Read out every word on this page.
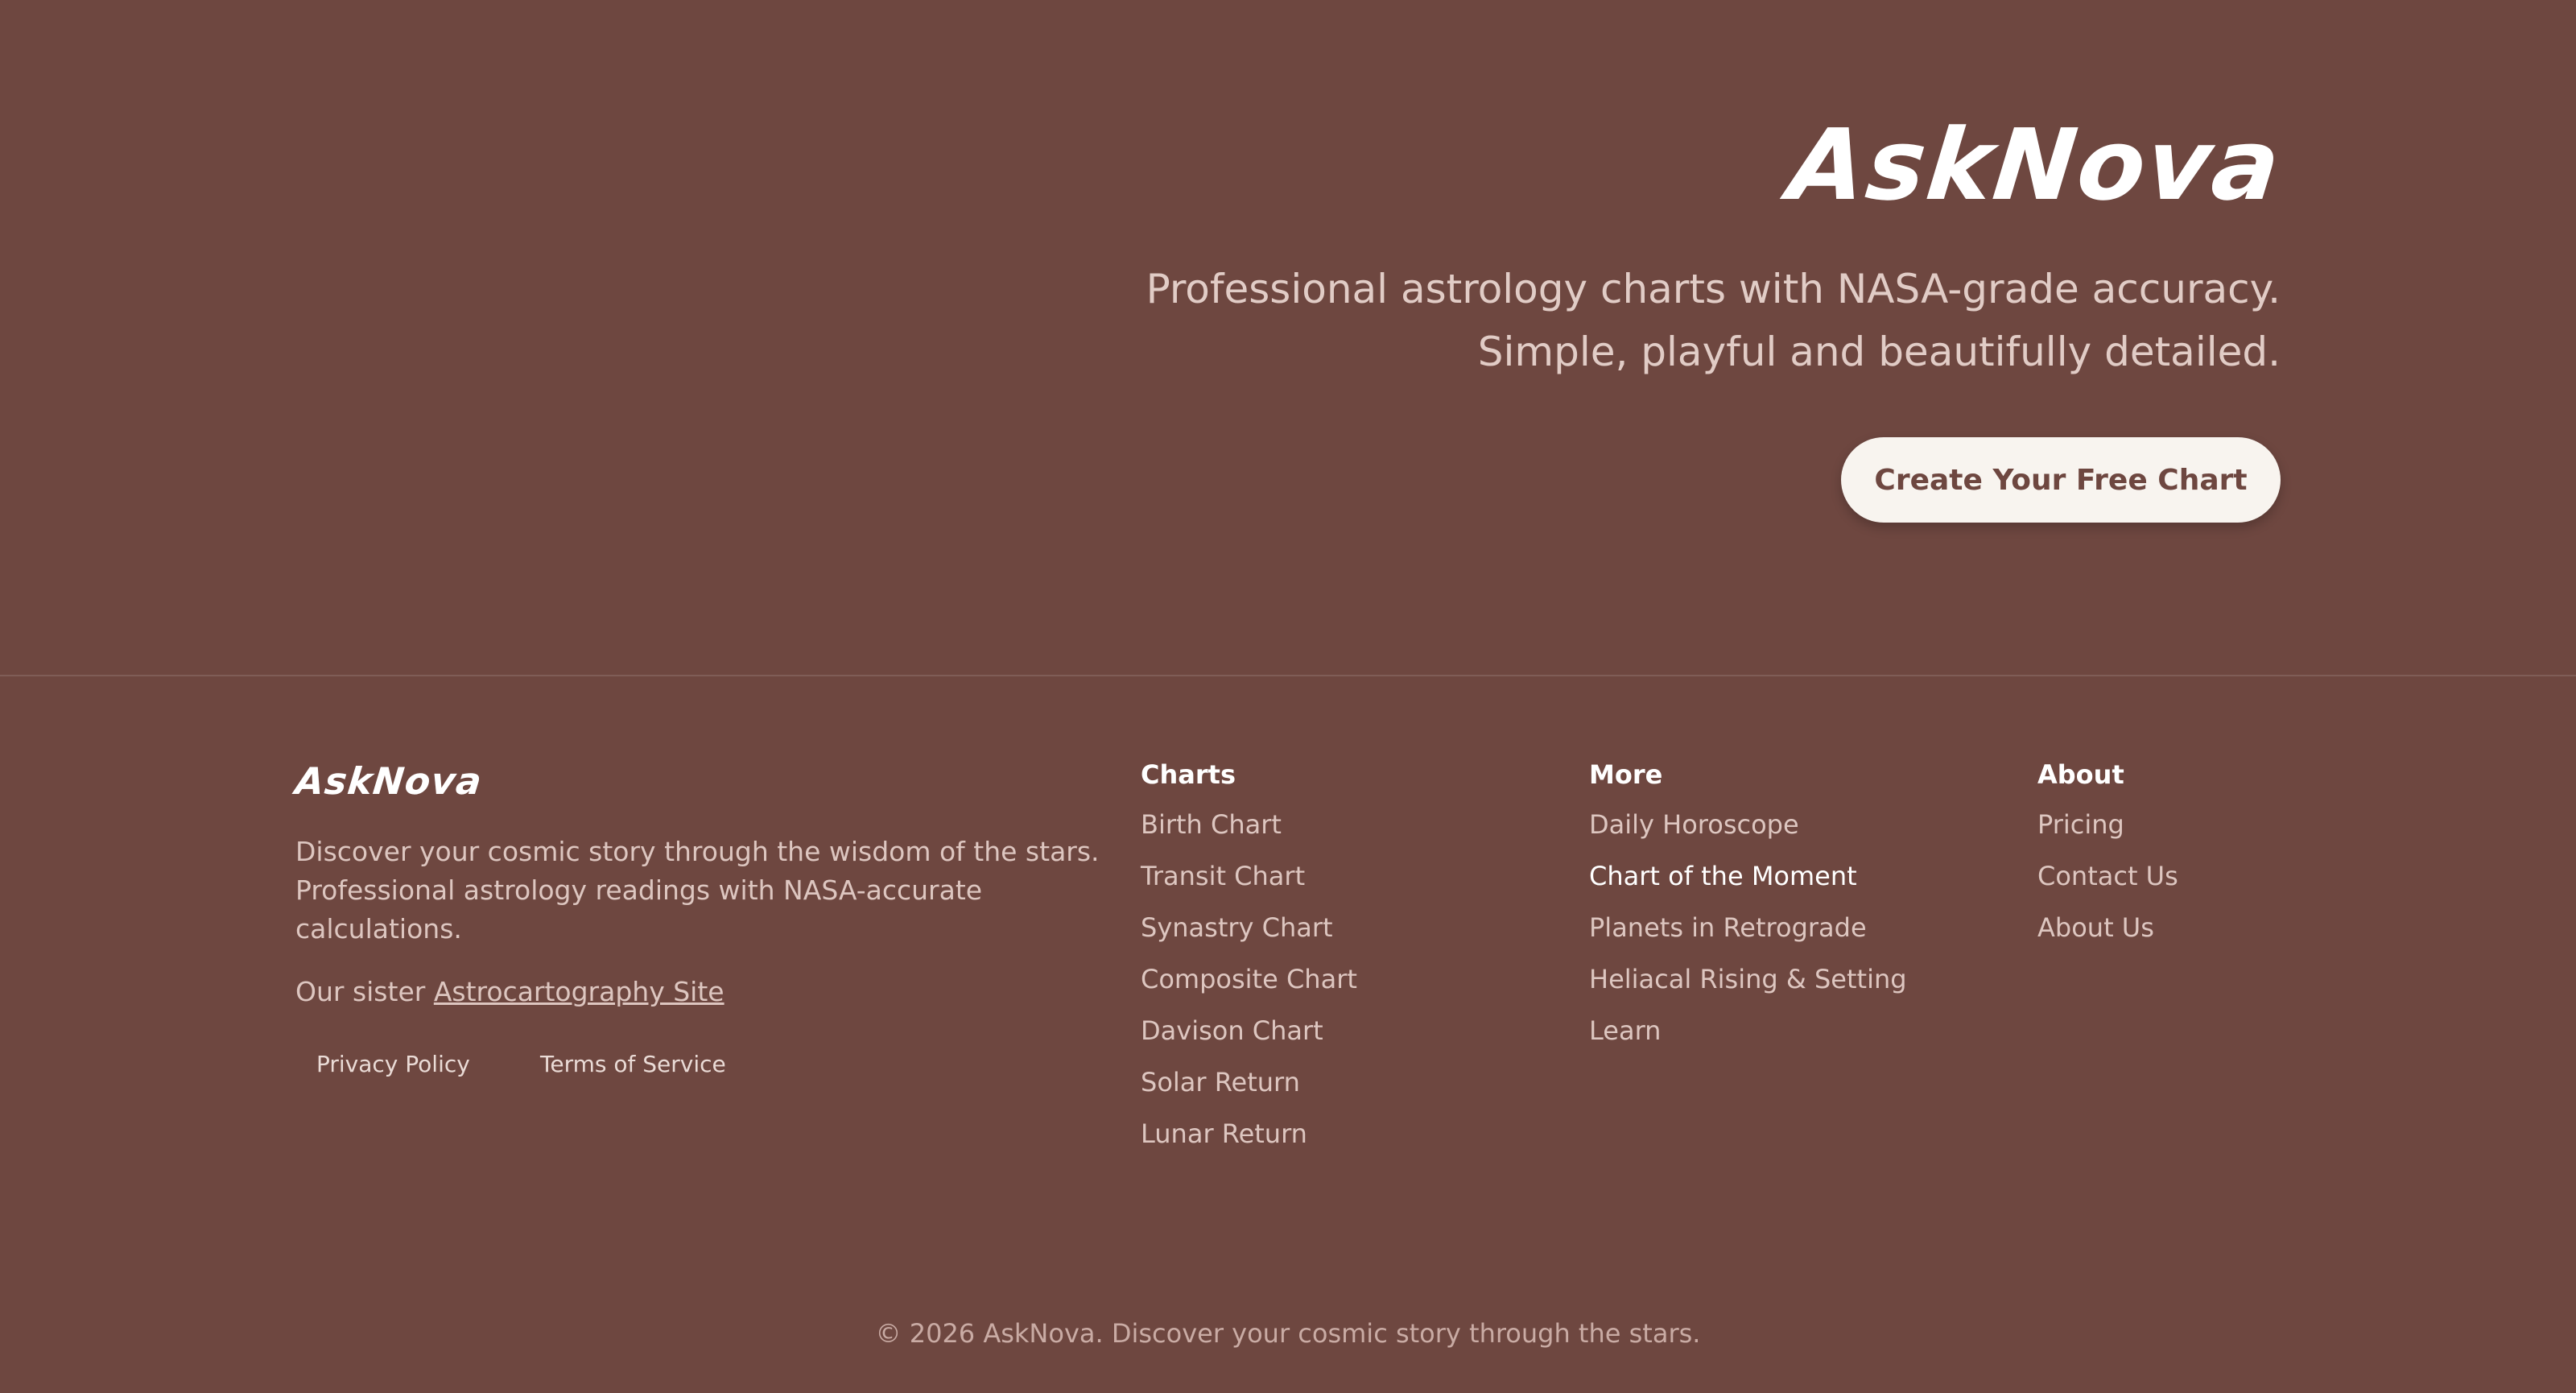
AskNova
Professional astrology charts with NASA-grade accuracy.
Simple, playful and beautifully detailed.
Create Your Free Chart
AskNova
Discover your cosmic story through the wisdom of the stars.
Professional astrology readings with NASA-accurate
calculations.
Our sister Astrocartography Site
Privacy Policy	Terms of Service
Charts
Birth Chart
Transit Chart
Synastry Chart
Composite Chart
Davison Chart
Solar Return
Lunar Return
More
Daily Horoscope
Chart of the Moment
Planets in Retrograde
Heliacal Rising & Setting
Learn
About
Pricing
Contact Us
About Us
© 2026 AskNova. Discover your cosmic story through the stars.
